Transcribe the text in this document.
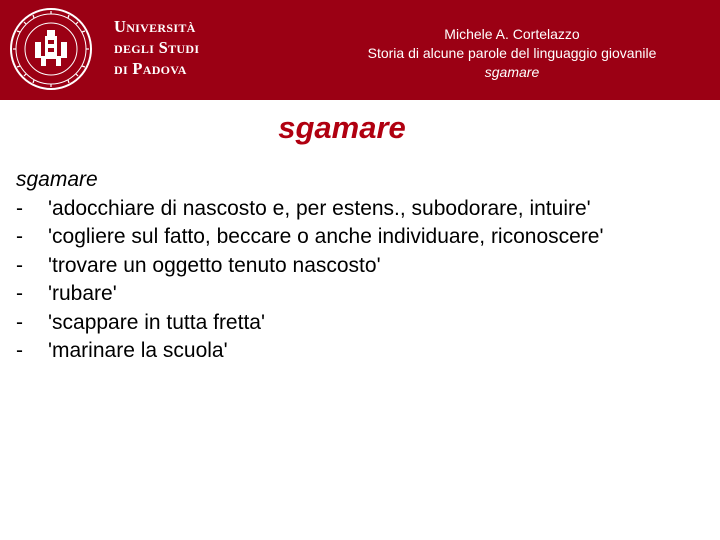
Università
degli Studi
di Padova
Michele A. Cortelazzo
Storia di alcune parole del linguaggio giovanile
sgamare
sgamare
sgamare
-	'adocchiare di nascosto e, per estens., subodorare, intuire'
-	'cogliere sul fatto, beccare o anche individuare, riconoscere'
-	'trovare un oggetto tenuto nascosto'
-	'rubare'
-	'scappare in tutta fretta'
-	'marinare la scuola'
